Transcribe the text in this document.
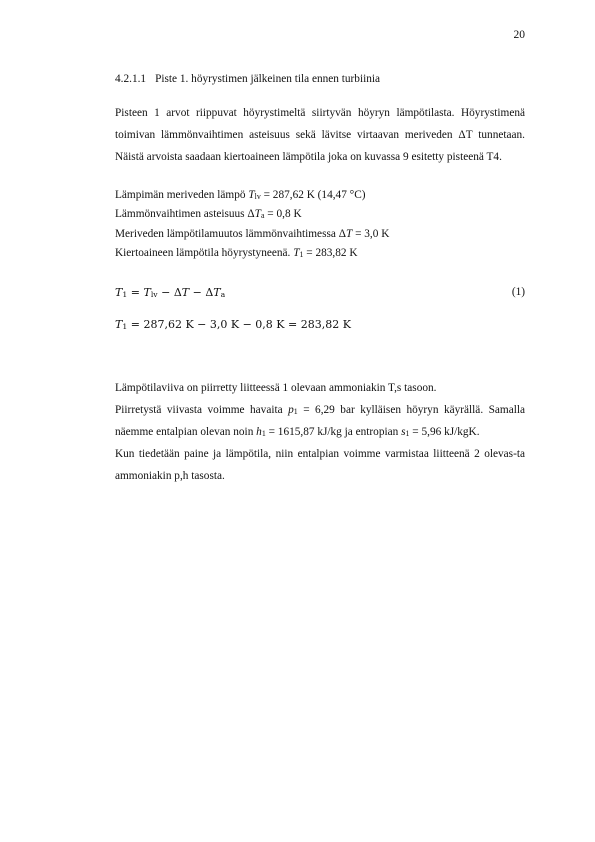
20

4.2.1.1 Piste 1. höyrystimen jälkeinen tila ennen turbiinia

Pisteen 1 arvot riippuvat höyrystimeltä siirtyvän höyryn lämpötilasta. Höyrystimenä toimivan lämmönvaihtimen asteisuus sekä lävitse virtaavan meriveden ΔT tunnetaan. Näistä arvoista saadaan kiertoaineen lämpötila joka on kuvassa 9 esitetty pisteenä T4.

Lämpimän meriveden lämpö $T_{lv} = 287,62$ K (14,47 °C)
Lämmönvaihtimen asteisuus $\Delta T_a = 0,8$ K
Meriveden lämpötilamuutos lämmönvaihtimessa ΔT = 3,0 K
Kiertoaineen lämpötila höyrystyneenä. $T_1 = 283,82$ K
$T_1 = T_{lv} - \Delta T - \Delta T_a$	(1)
$T_1 = 287,62$ K − 3,0 K − 0,8 K = 283,82 K
Lämpötilaviiva on piirretty liitteessä 1 olevaan ammoniakin T,s tasoon.
Piirretystä viivasta voimme havaita $p_1 = 6,29$ bar kylläisen höyryn käyrällä. Samalla näemme entalpian olevan noin $h_1 = 1615,87$ kJ/kg ja entropian $s_1 = 5,96$ kJ/kgK.
Kun tiedetään paine ja lämpötila, niin entalpian voimme varmistaa liitteenä 2 olevas-ta ammoniakin p,h tasosta.
